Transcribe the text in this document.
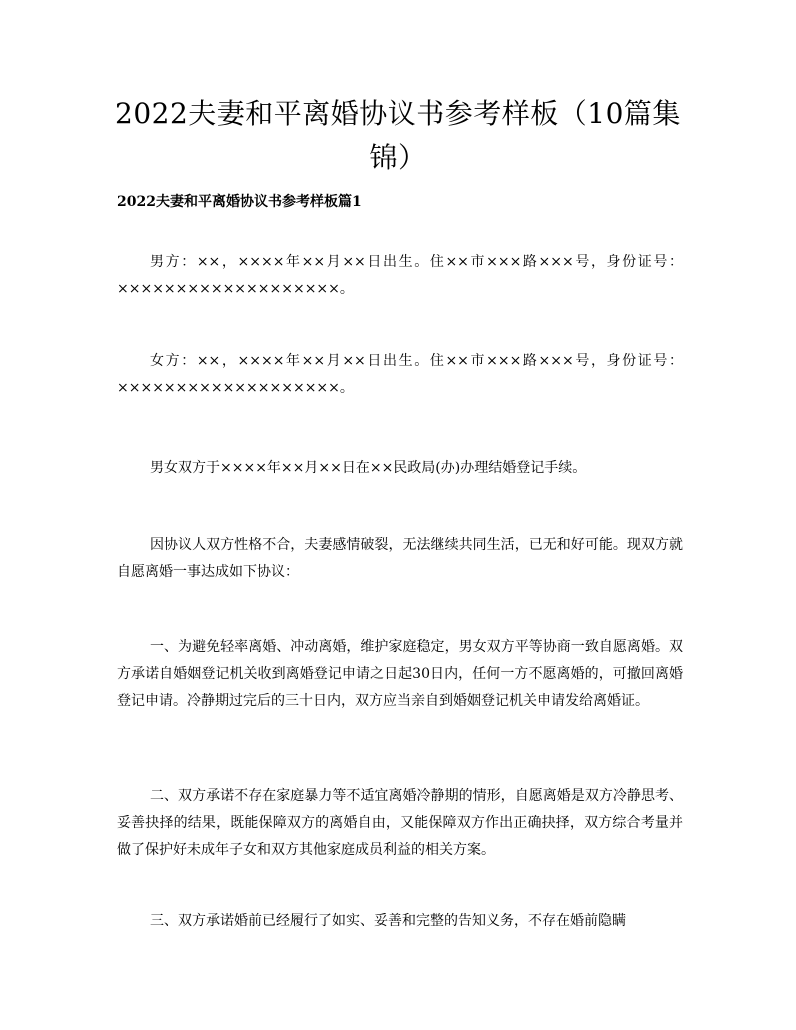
2022夫妻和平离婚协议书参考样板（10篇集锦）
2022夫妻和平离婚协议书参考样板篇1

男方：××，××××年××月××日出生。住××市×××路×××号，身份证号：×××××××××××××××××××。

女方：××，××××年××月××日出生。住××市×××路×××号，身份证号：×××××××××××××××××××。

男女双方于××××年××月××日在××民政局(办)办理结婚登记手续。

因协议人双方性格不合，夫妻感情破裂，无法继续共同生活，已无和好可能。现双方就自愿离婚一事达成如下协议：

一、为避免轻率离婚、冲动离婚，维护家庭稳定，男女双方平等协商一致自愿离婚。双方承诺自婚姻登记机关收到离婚登记申请之日起30日内，任何一方不愿离婚的，可撤回离婚登记申请。冷静期过完后的三十日内，双方应当亲自到婚姻登记机关申请发给离婚证。

二、双方承诺不存在家庭暴力等不适宜离婚冷静期的情形，自愿离婚是双方冷静思考、妥善抉择的结果，既能保障双方的离婚自由，又能保障双方作出正确抉择，双方综合考量并做了保护好未成年子女和双方其他家庭成员利益的相关方案。

三、双方承诺婚前已经履行了如实、妥善和完整的告知义务，不存在婚前隐瞒
